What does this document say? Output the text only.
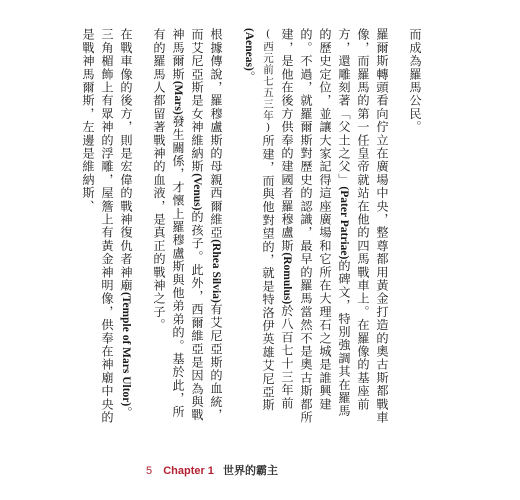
而成為羅馬公民。

羅爾斯轉頭看向佇立在廣場中央，整尊都用黃金打造的奧古斯都戰車像，而羅馬的第一任皇帝就站在他的四馬戰車上。在羅像的基座前方，還雕刻著「父土之父」(Pater Patriae)的碑文，特別強調其在羅馬的歷史定位，並讓大家記得這座廣場和它所在大理石之城是誰興建的。不過，就羅爾斯對歷史的認識，最早的羅馬當然不是奧古斯都所建，是他在後方供奉的建國者羅穆盧斯(Romulus)於八百七十三年前(西元前七五三年)所建，而與他對望的，就是特洛伊英雄艾尼亞斯(Aeneas)。

根據傳說，羅穆盧斯的母親西爾維亞(Rhea Silvia)有艾尼亞斯的血統，而艾尼亞斯是女神維納斯(Venus)的孩子。此外，西爾維亞是因為與戰神馬爾斯(Mars)發生關係，才懷上羅穆盧斯與他弟弟的。基於此，所有的羅馬人都留著戰神的血液，是真正的戰神之子。

在戰車像的後方，則是宏偉的戰神復仇者神廟(Temple of Mars Ultor)。三角楣飾上有眾神的浮雕，屋簷上有黃金神明像，供奉在神廟中央的是戰神馬爾斯，左邊是維納斯、

5 Chapter 1 世界的霸主
